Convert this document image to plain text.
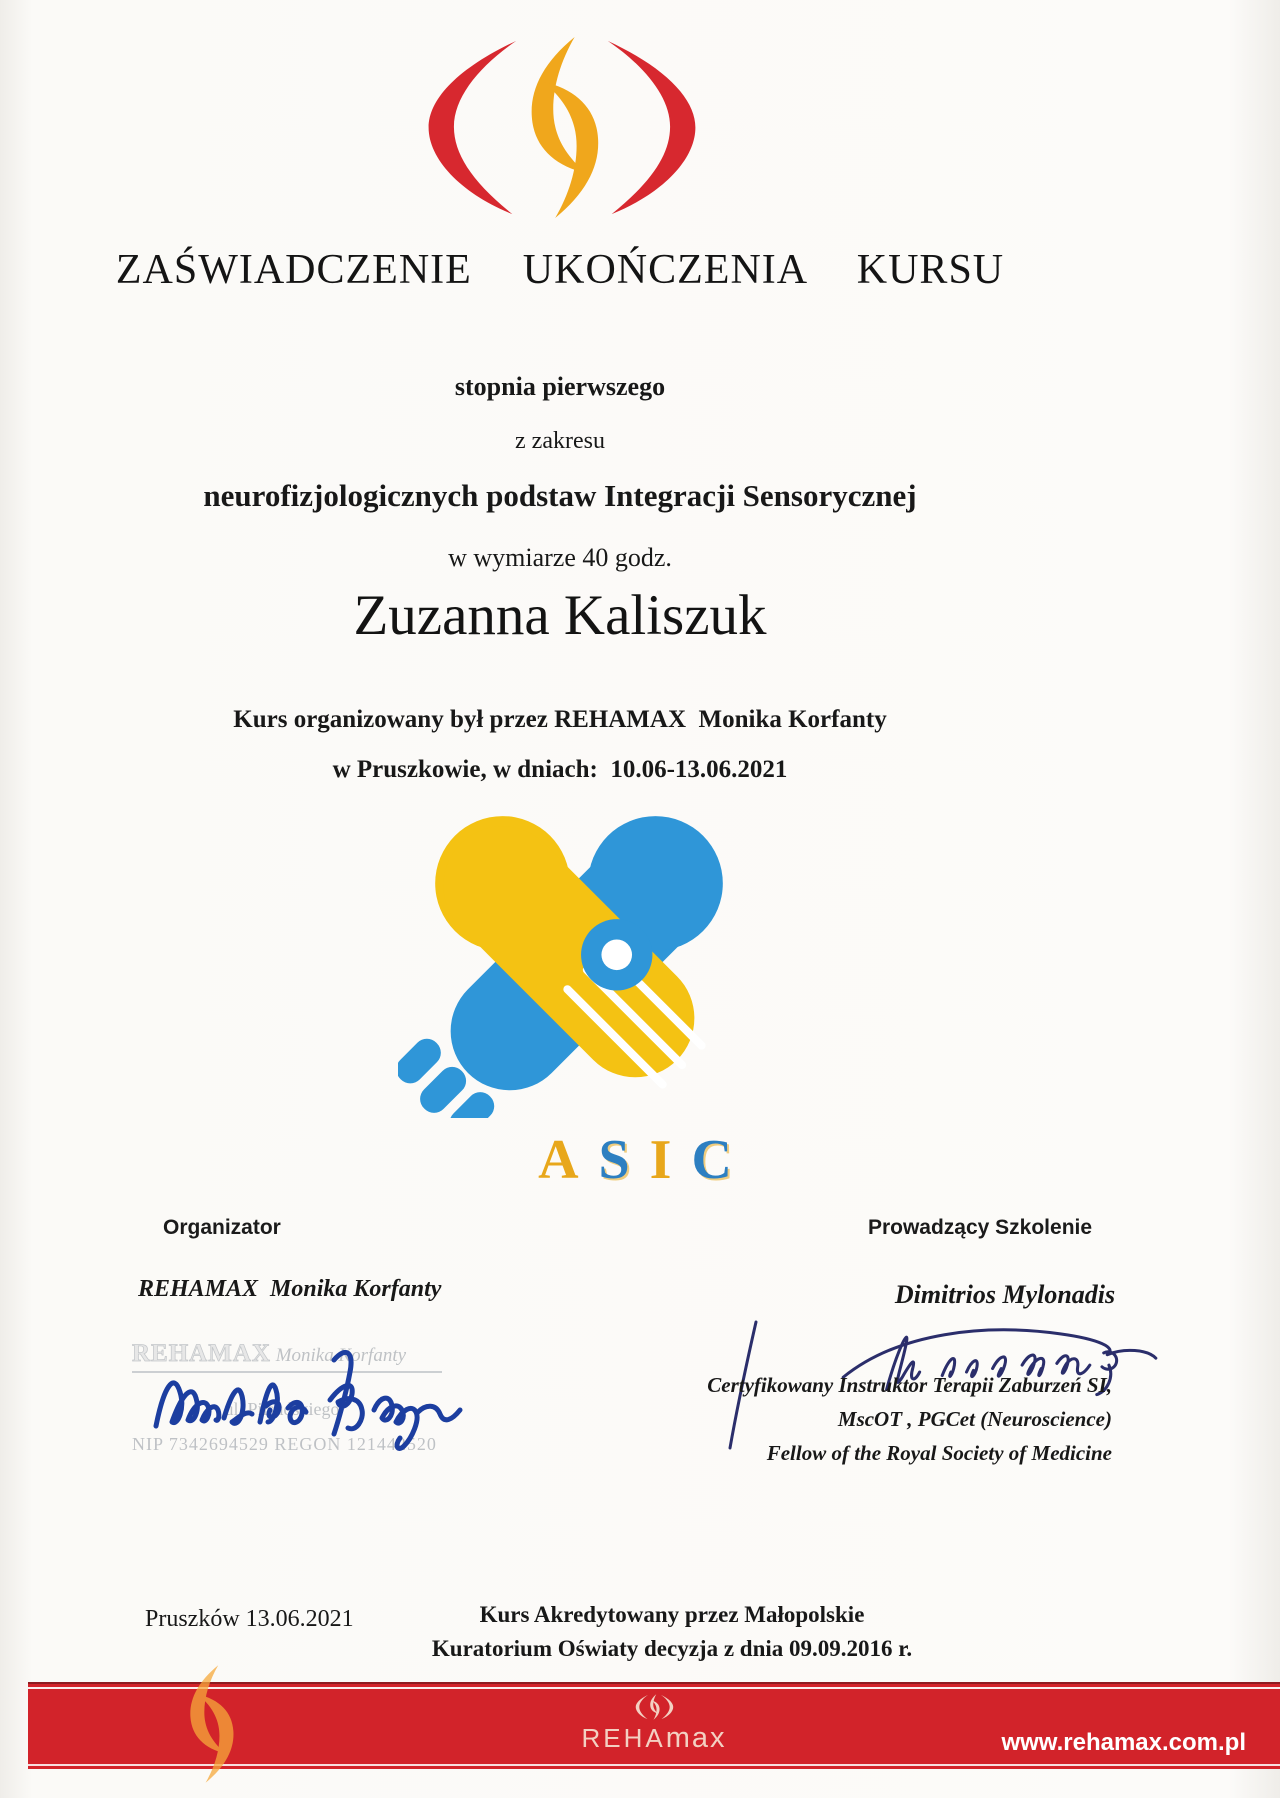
ZAŚWIADCZENIE  UKOŃCZENIA  KURSU
stopnia pierwszego
z zakresu
neurofizjologicznych podstaw Integracji Sensorycznej
w wymiarze 40 godz.
Zuzanna Kaliszuk
Kurs organizowany był przez REHAMAX  Monika Korfanty
w Pruszkowie, w dniach:  10.06-13.06.2021
A S I C
Organizator
REHAMAX  Monika Korfanty
REHAMAX Monika Korfanty
ul. Piłsudskiego
NIP 7342694529 REGON 121442520
Prowadzący Szkolenie
Dimitrios Mylonadis
Certyfikowany Instruktor Terapii Zaburzeń SI,
MscOT , PGCet (Neuroscience)
Fellow of the Royal Society of Medicine
Pruszków 13.06.2021	Kurs Akredytowany przez Małopolskie
Kuratorium Oświaty decyzja z dnia 09.09.2016 r.
REHAmax	www.rehamax.com.pl
